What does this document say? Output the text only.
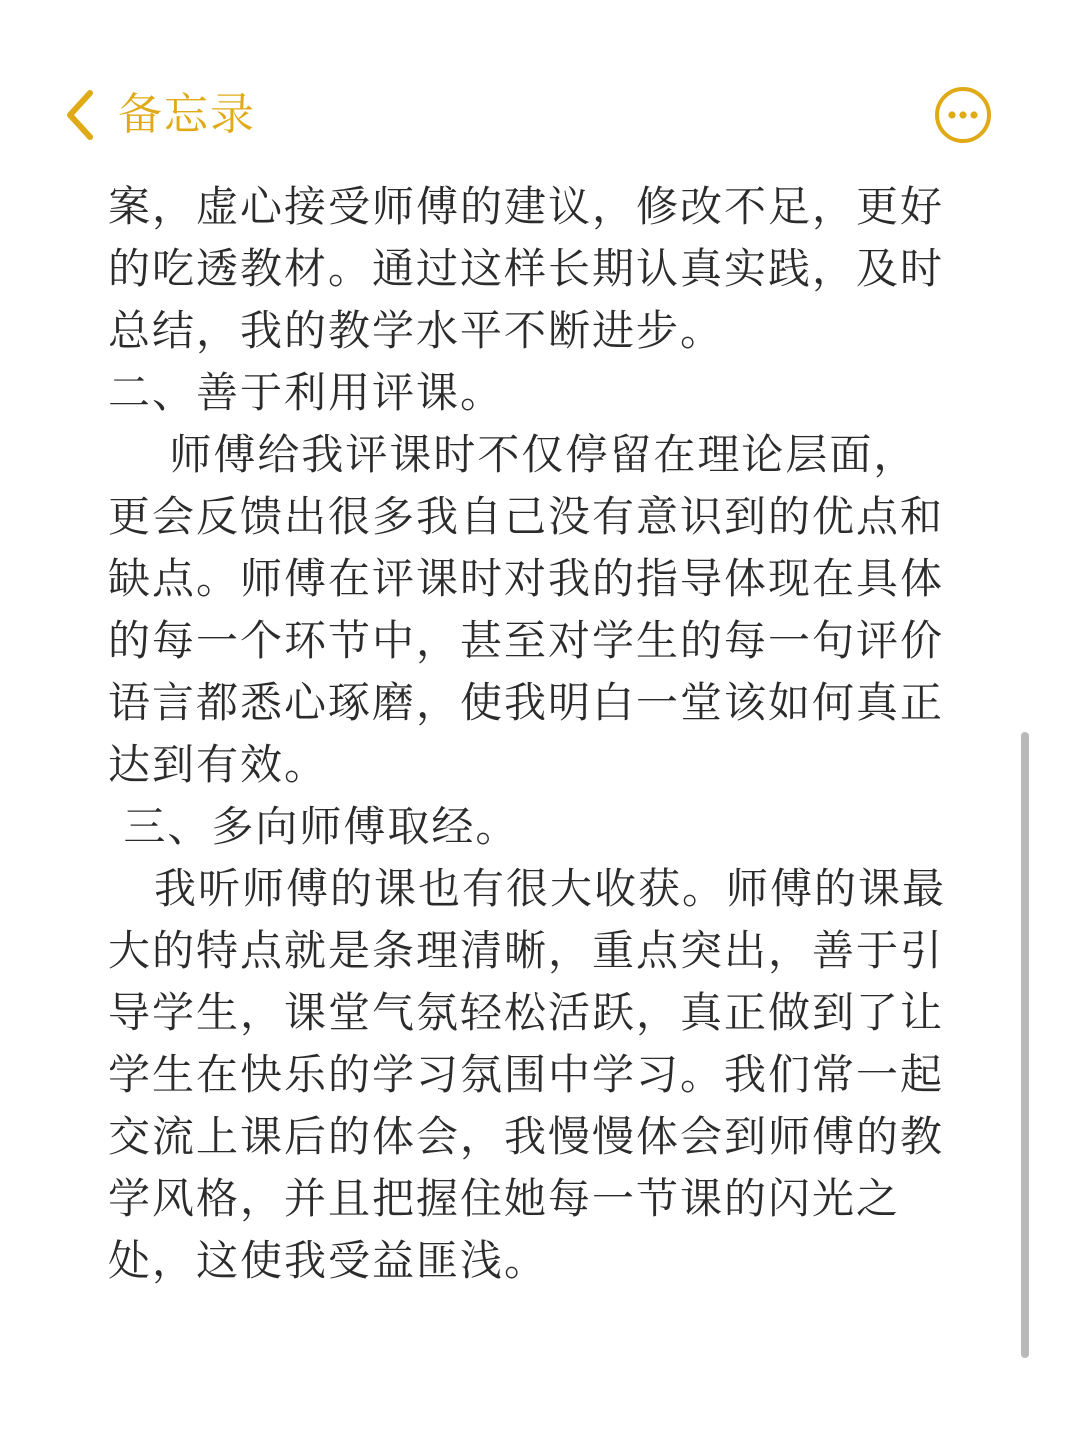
备忘录
案，虚心接受师傅的建议，修改不足，更好
的吃透教材。通过这样长期认真实践，及时
总结，我的教学水平不断进步。
二、善于利用评课。
师傅给我评课时不仅停留在理论层面，
更会反馈出很多我自己没有意识到的优点和
缺点。师傅在评课时对我的指导体现在具体
的每一个环节中，甚至对学生的每一句评价
语言都悉心琢磨，使我明白一堂该如何真正
达到有效。
三、多向师傅取经。
我听师傅的课也有很大收获。师傅的课最
大的特点就是条理清晰，重点突出，善于引
导学生，课堂气氛轻松活跃，真正做到了让
学生在快乐的学习氛围中学习。我们常一起
交流上课后的体会，我慢慢体会到师傅的教
学风格，并且把握住她每一节课的闪光之
处，这使我受益匪浅。
